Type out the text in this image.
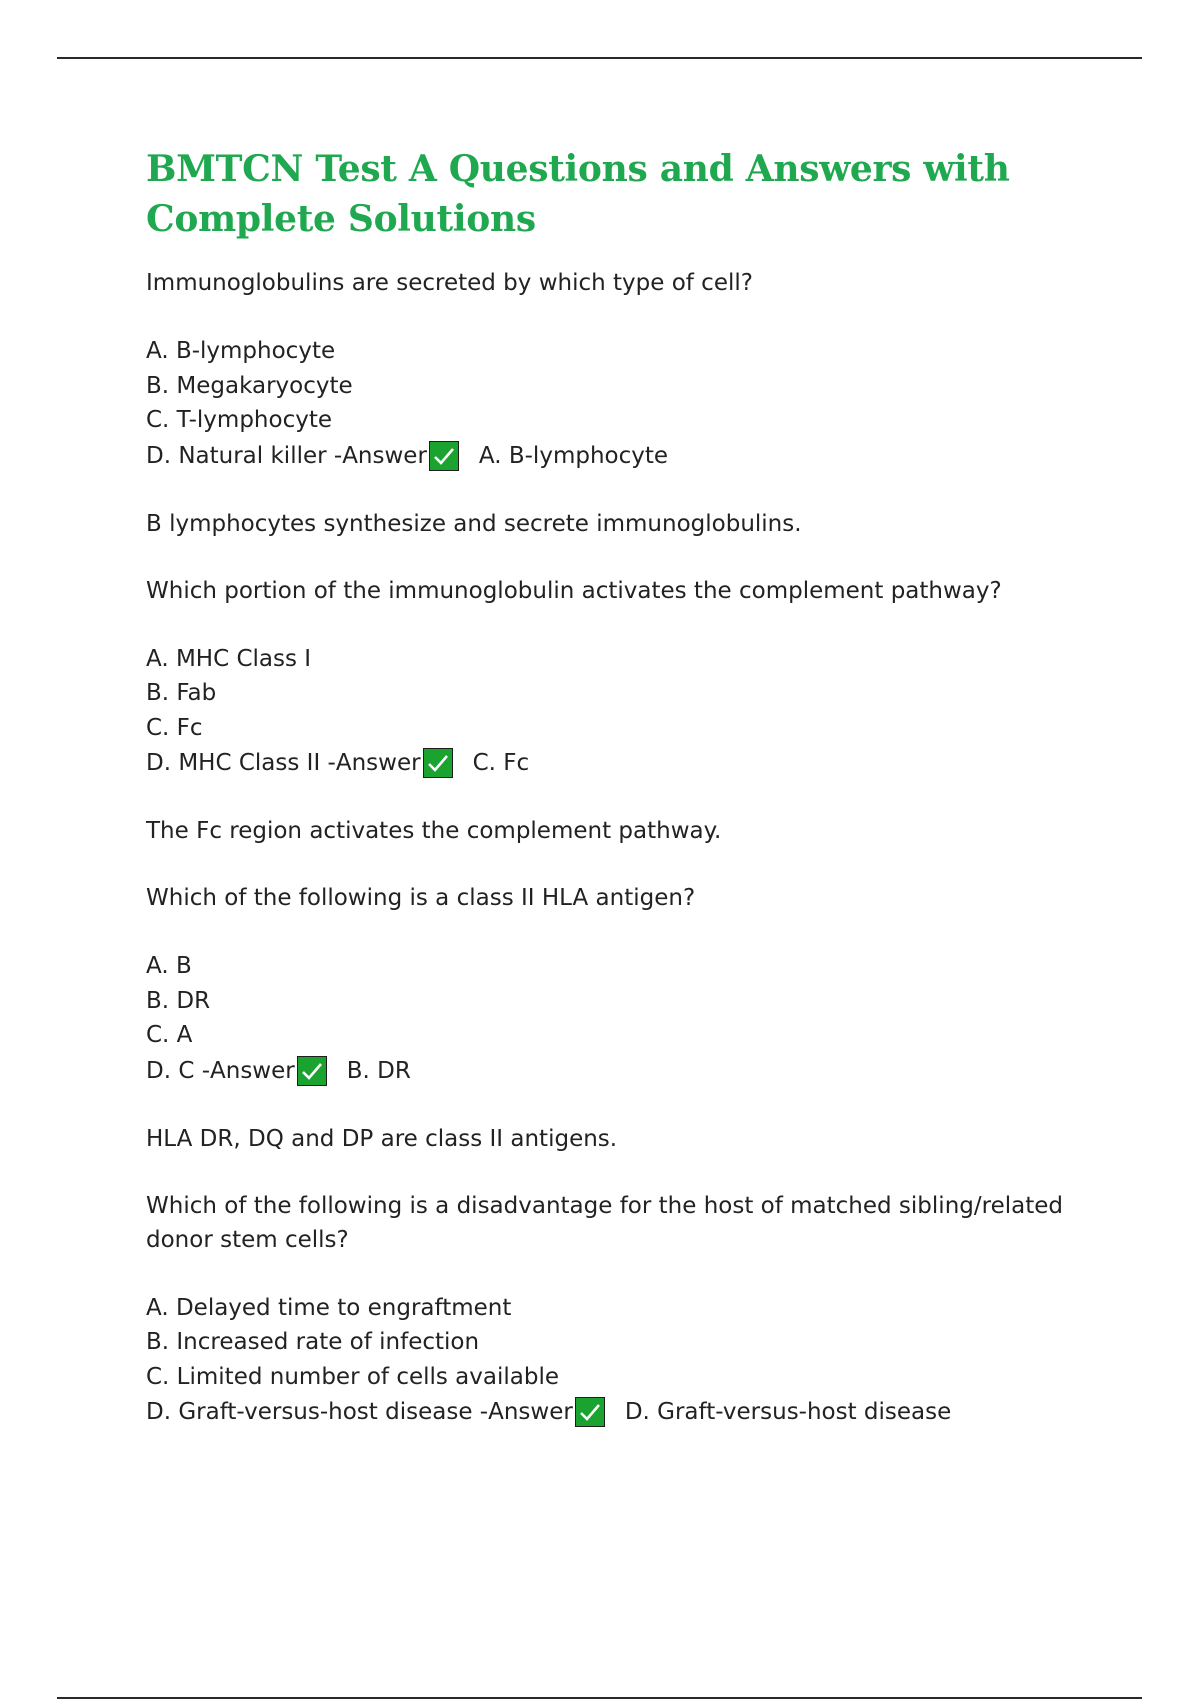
BMTCN Test A Questions and Answers with Complete Solutions

Immunoglobulins are secreted by which type of cell?

A. B-lymphocyte

B. Megakaryocyte

C. T-lymphocyte

D. Natural killer - Answer A. B-lymphocyte

B lymphocytes synthesize and secrete immunoglobulins.

Which portion of the immunoglobulin activates the complement pathway?

A. MHC Class I

B. Fab

C. Fc

D. MHC Class II - Answer C. Fc

The Fc region activates the complement pathway.

Which of the following is a class II HLA antigen?

A. B

B. DR

C. A

D. C - Answer B. DR

HLA DR, DQ and DP are class II antigens.

Which of the following is a disadvantage for the host of matched sibling/related donor stem cells?

A. Delayed time to engraftment

B. Increased rate of infection

C. Limited number of cells available

D. Graft-versus-host disease - Answer D. Graft-versus-host disease
